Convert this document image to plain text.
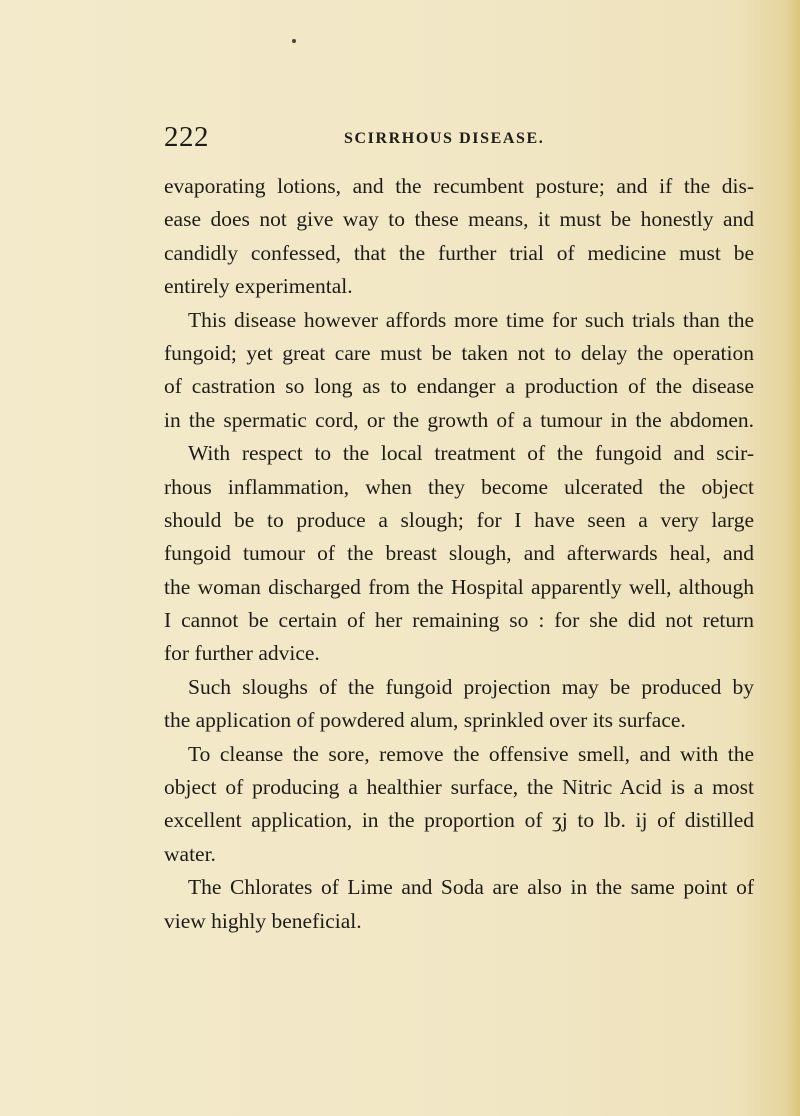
222	SCIRRHOUS DISEASE.
evaporating lotions, and the recumbent posture; and if the dis-
ease does not give way to these means, it must be honestly and
candidly confessed, that the further trial of medicine must be
entirely experimental.
This disease however affords more time for such trials than the
fungoid; yet great care must be taken not to delay the operation
of castration so long as to endanger a production of the disease
in the spermatic cord, or the growth of a tumour in the abdomen.
With respect to the local treatment of the fungoid and scir-
rhous inflammation, when they become ulcerated the object
should be to produce a slough; for I have seen a very large
fungoid tumour of the breast slough, and afterwards heal, and
the woman discharged from the Hospital apparently well, although
I cannot be certain of her remaining so : for she did not return
for further advice.
Such sloughs of the fungoid projection may be produced by
the application of powdered alum, sprinkled over its surface.
To cleanse the sore, remove the offensive smell, and with the
object of producing a healthier surface, the Nitric Acid is a most
excellent application, in the proportion of ʒj to lb. ij of distilled
water.
The Chlorates of Lime and Soda are also in the same point of
view highly beneficial.
